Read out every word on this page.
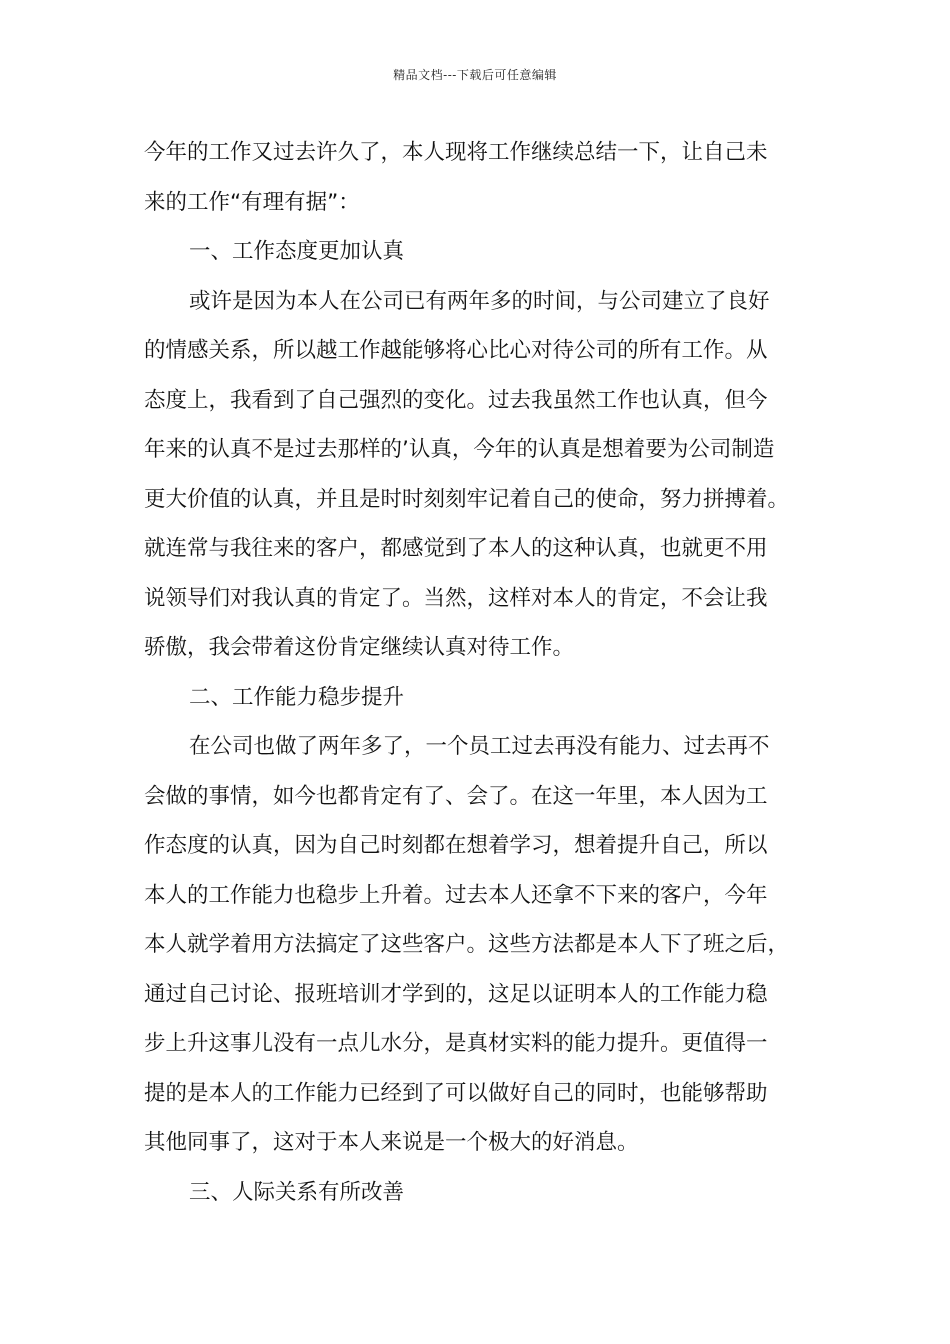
精品文档---下载后可任意编辑
今年的工作又过去许久了，本人现将工作继续总结一下，让自己未
来的工作“有理有据”：
一、工作态度更加认真
或许是因为本人在公司已有两年多的时间，与公司建立了良好
的情感关系，所以越工作越能够将心比心对待公司的所有工作。从
态度上，我看到了自己强烈的变化。过去我虽然工作也认真，但今
年来的认真不是过去那样的’认真，今年的认真是想着要为公司制造
更大价值的认真，并且是时时刻刻牢记着自己的使命，努力拼搏着。
就连常与我往来的客户，都感觉到了本人的这种认真，也就更不用
说领导们对我认真的肯定了。当然，这样对本人的肯定，不会让我
骄傲，我会带着这份肯定继续认真对待工作。
二、工作能力稳步提升
在公司也做了两年多了，一个员工过去再没有能力、过去再不
会做的事情，如今也都肯定有了、会了。在这一年里，本人因为工
作态度的认真，因为自己时刻都在想着学习，想着提升自己，所以
本人的工作能力也稳步上升着。过去本人还拿不下来的客户，今年
本人就学着用方法搞定了这些客户。这些方法都是本人下了班之后，
通过自己讨论、报班培训才学到的，这足以证明本人的工作能力稳
步上升这事儿没有一点儿水分，是真材实料的能力提升。更值得一
提的是本人的工作能力已经到了可以做好自己的同时，也能够帮助
其他同事了，这对于本人来说是一个极大的好消息。
三、人际关系有所改善
